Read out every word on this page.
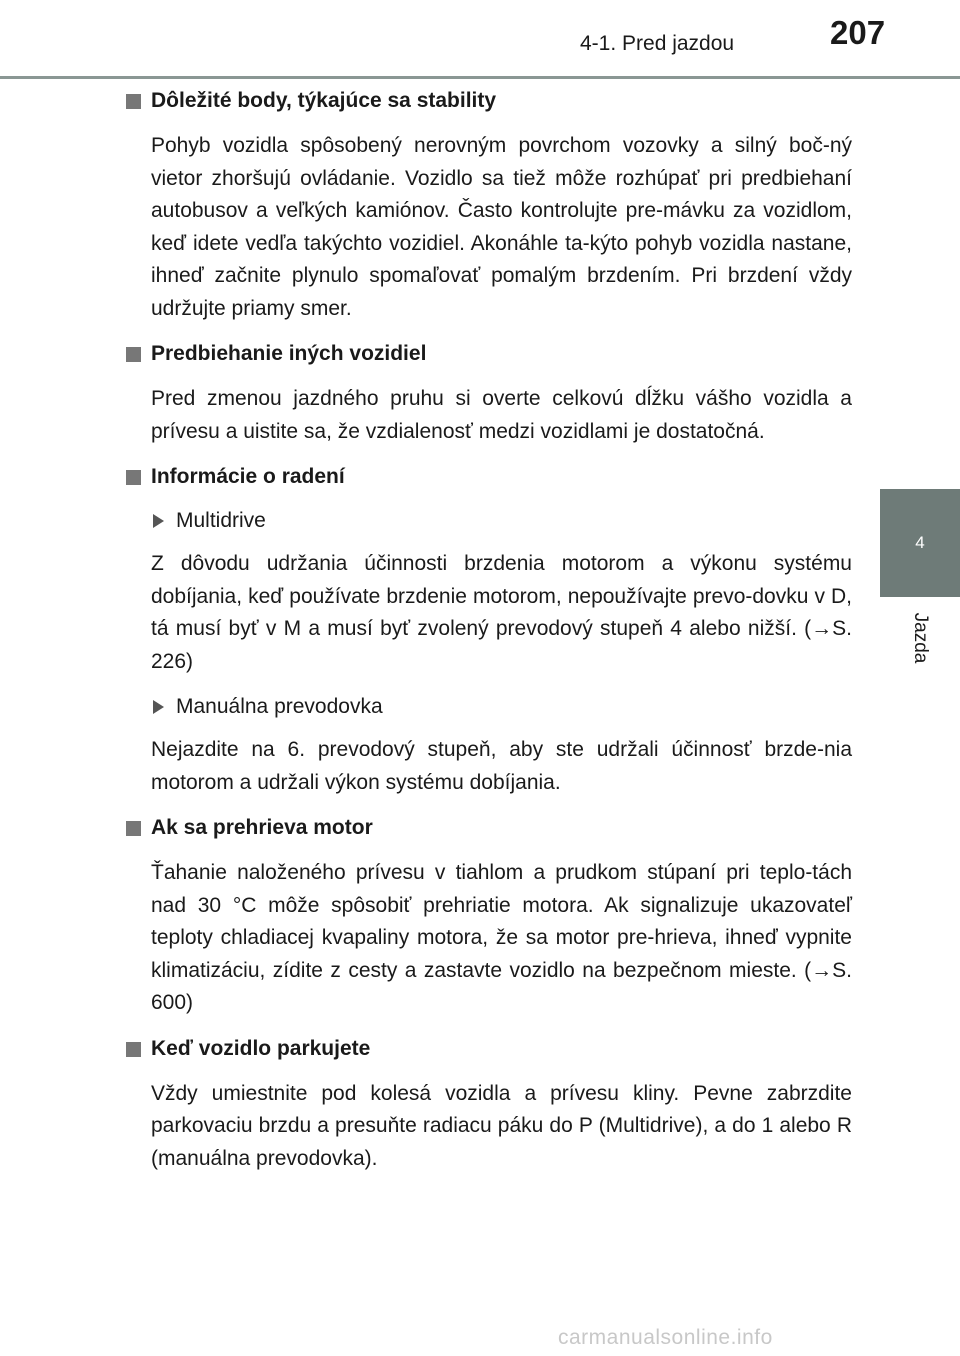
4-1. Pred jazdou	207
4
Jazda
Dôležité body, týkajúce sa stability

Pohyb vozidla spôsobený nerovným povrchom vozovky a silný boč-ný vietor zhoršujú ovládanie. Vozidlo sa tiež môže rozhúpať pri predbiehaní autobusov a veľkých kamiónov. Často kontrolujte pre-mávku za vozidlom, keď idete vedľa takýchto vozidiel. Akonáhle ta-kýto pohyb vozidla nastane, ihneď začnite plynulo spomaľovať pomalým brzdením. Pri brzdení vždy udržujte priamy smer.

Predbiehanie iných vozidiel

Pred zmenou jazdného pruhu si overte celkovú dĺžku vášho vozidla a prívesu a uistite sa, že vzdialenosť medzi vozidlami je dostatočná.

Informácie o radení
Multidrive

Z dôvodu udržania účinnosti brzdenia motorom a výkonu systému dobíjania, keď používate brzdenie motorom, nepoužívajte prevo-dovku v D, tá musí byť v M a musí byť zvolený prevodový stupeň 4 alebo nižší. (→S. 226)

Manuálna prevodovka

Nejazdite na 6. prevodový stupeň, aby ste udržali účinnosť brzde-nia motorom a udržali výkon systému dobíjania.

Ak sa prehrieva motor

Ťahanie naloženého prívesu v tiahlom a prudkom stúpaní pri teplo-tách nad 30 °C môže spôsobiť prehriatie motora. Ak signalizuje ukazovateľ teploty chladiacej kvapaliny motora, že sa motor pre-hrieva, ihneď vypnite klimatizáciu, zídite z cesty a zastavte vozidlo na bezpečnom mieste. (→S. 600)

Keď vozidlo parkujete

Vždy umiestnite pod kolesá vozidla a prívesu kliny. Pevne zabrzdite parkovaciu brzdu a presuňte radiacu páku do P (Multidrive), a do 1 alebo R (manuálna prevodovka).

carmanualsonline.info
